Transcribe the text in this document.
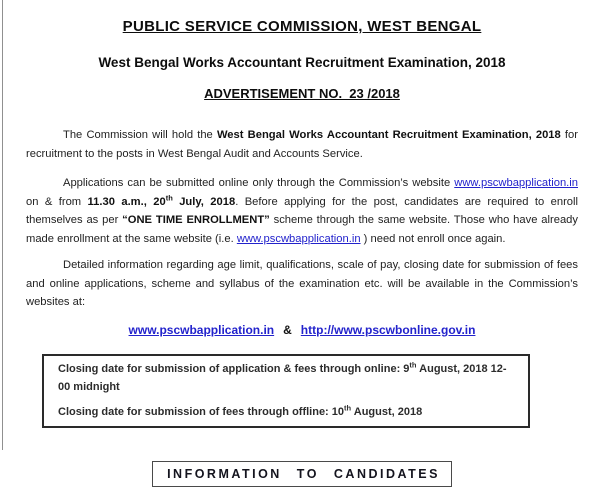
PUBLIC SERVICE COMMISSION, WEST BENGAL
West Bengal Works Accountant Recruitment Examination, 2018
ADVERTISEMENT NO.  23 /2018

The Commission will hold the West Bengal Works Accountant Recruitment Examination, 2018 for recruitment to the posts in West Bengal Audit and Accounts Service.

Applications can be submitted online only through the Commission’s website www.pscwbapplication.in on & from 11.30 a.m., 20th July, 2018. Before applying for the post, candidates are required to enroll themselves as per “ONE TIME ENROLLMENT” scheme through the same website. Those who have already made enrollment at the same website (i.e. www.pscwbapplication.in ) need not enroll once again.

Detailed information regarding age limit, qualifications, scale of pay, closing date for submission of fees and online applications, scheme and syllabus of the examination etc. will be available in the Commission’s websites at:

www.pscwbapplication.in & http://www.pscwbonline.gov.in
Closing date for submission of application & fees through online: 9th August, 2018 12-00 midnight
Closing date for submission of fees through offline: 10th August, 2018
INFORMATION TO CANDIDATES
